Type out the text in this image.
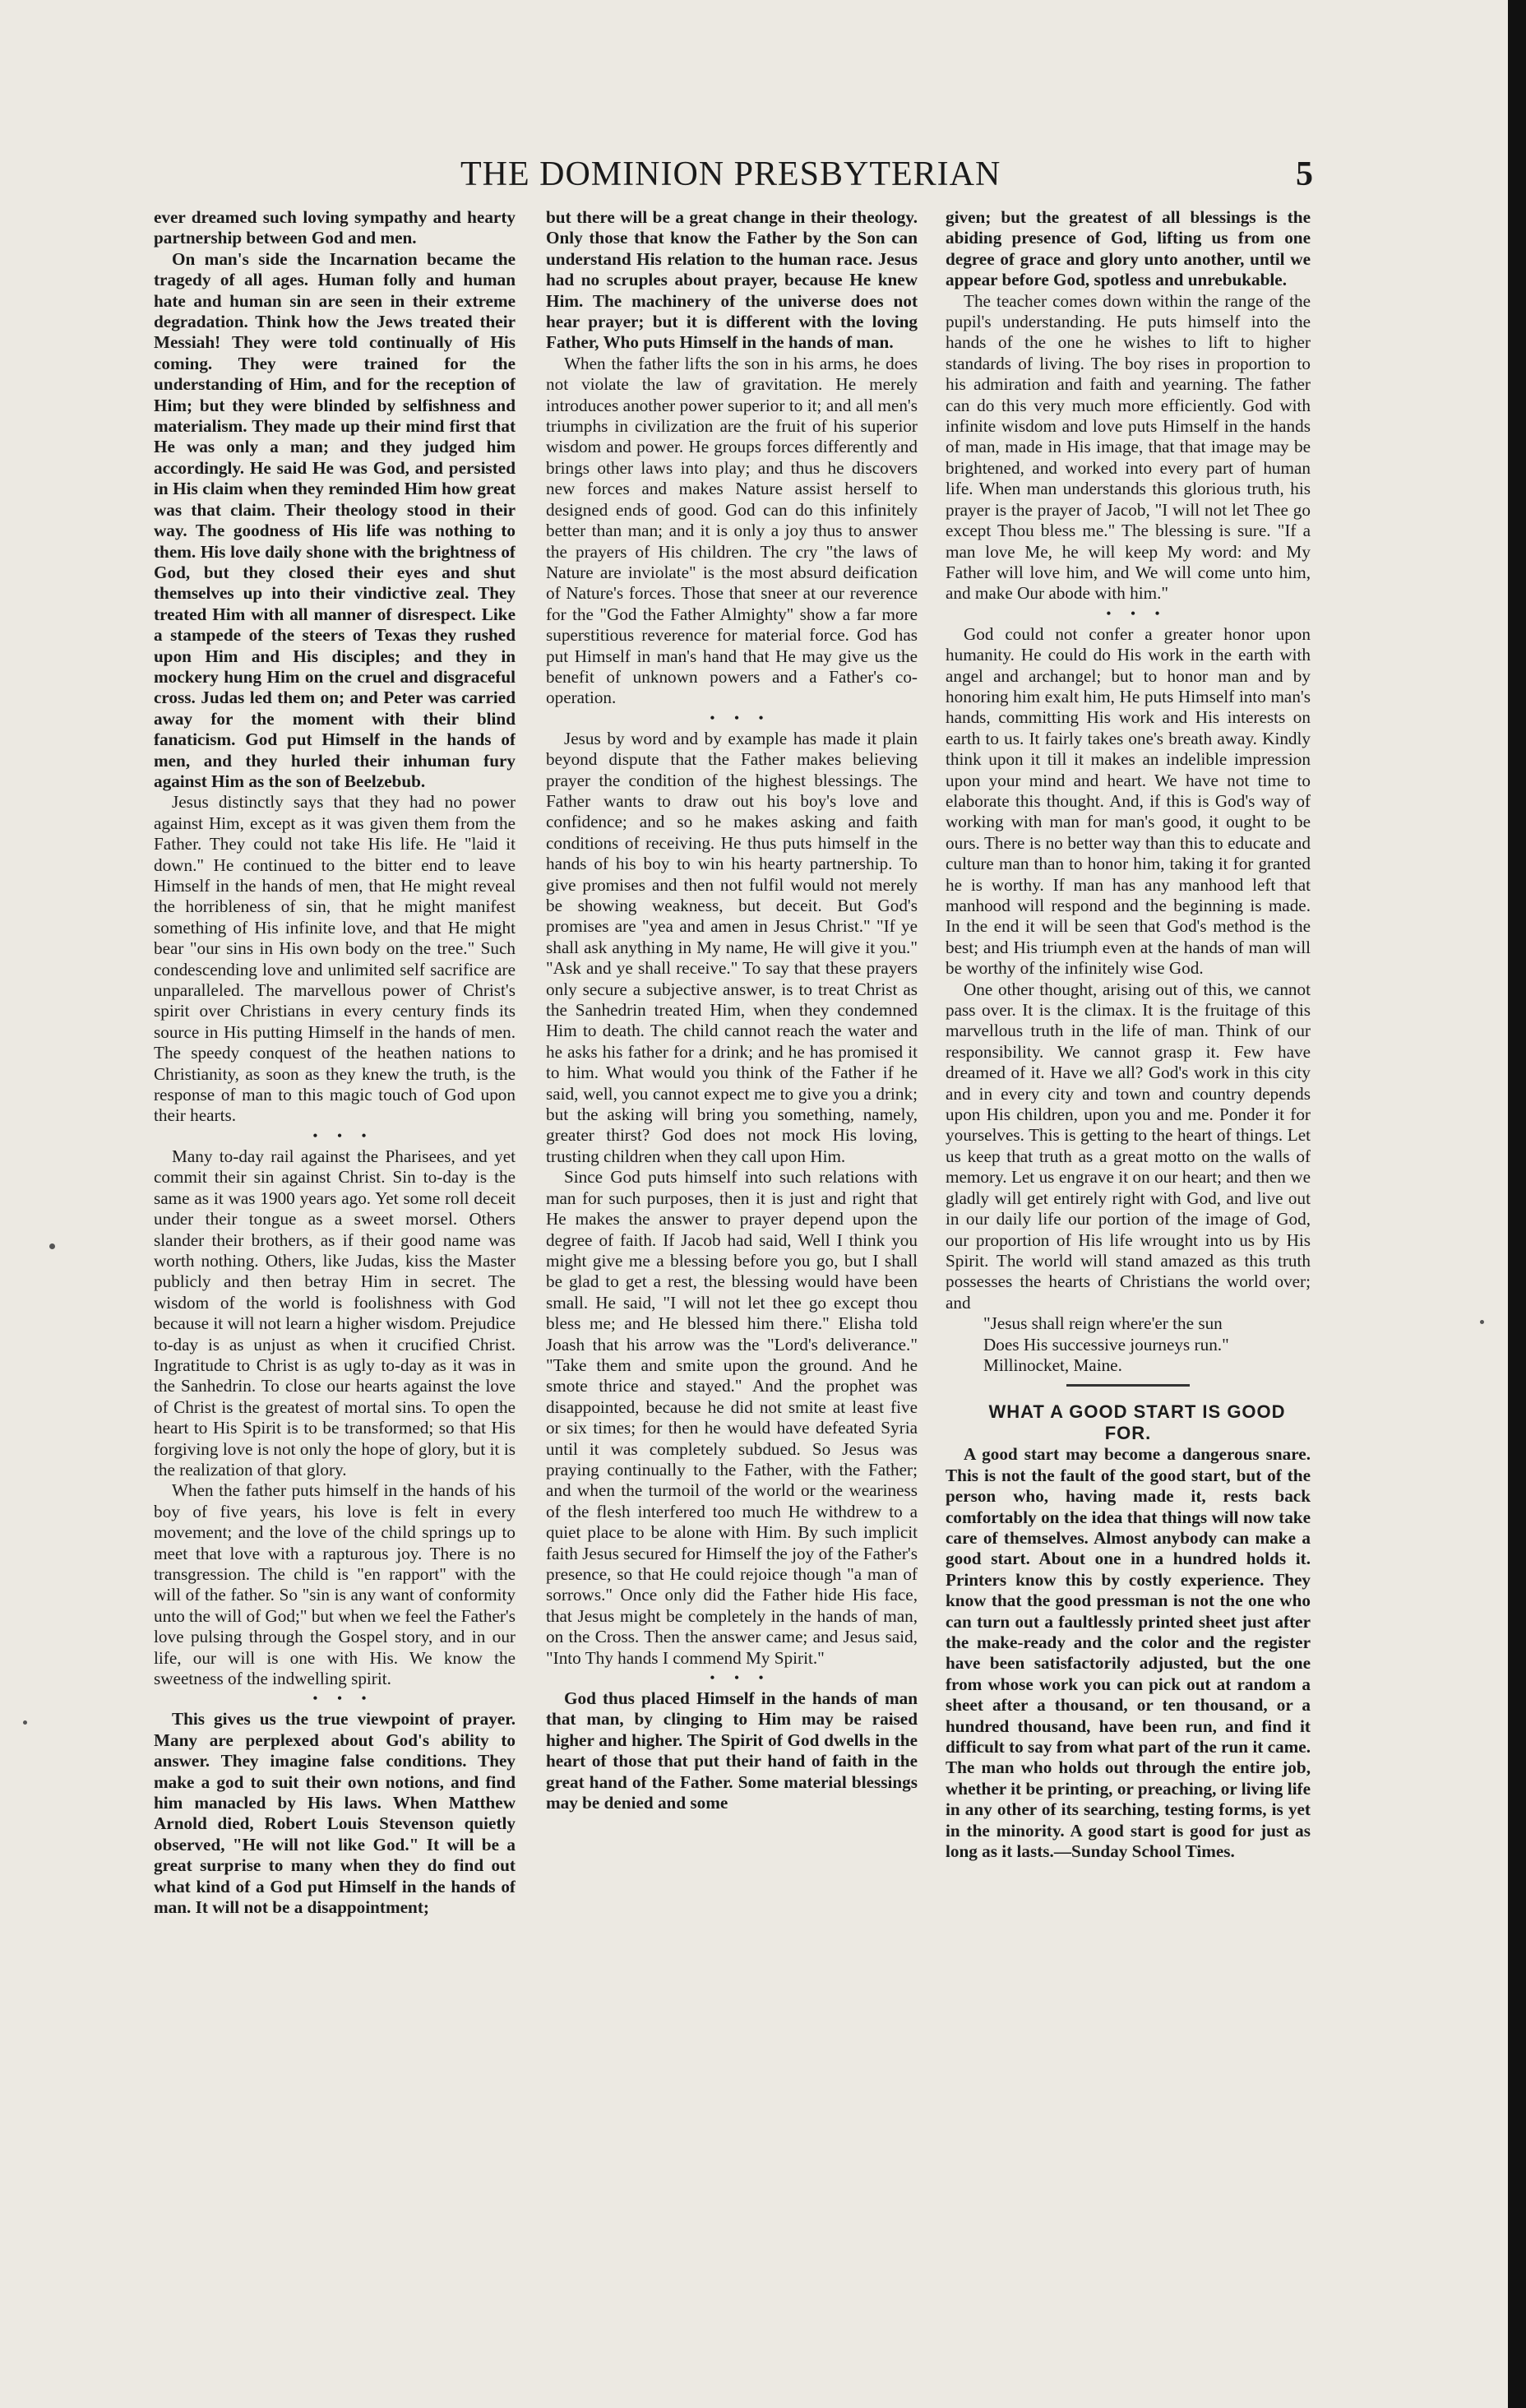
THE DOMINION PRESBYTERIAN	5

ever dreamed such loving sympathy and hearty partnership between God and men.

On man's side the Incarnation became the tragedy of all ages. Human folly and human hate and human sin are seen in their extreme degradation. Think how the Jews treated their Messiah! They were told continually of His coming. They were trained for the understanding of Him, and for the reception of Him; but they were blinded by selfishness and materialism. They made up their mind first that He was only a man; and they judged him accordingly. He said He was God, and persisted in His claim when they reminded Him how great was that claim. Their theology stood in their way. The goodness of His life was nothing to them. His love daily shone with the brightness of God, but they closed their eyes and shut themselves up into their vindictive zeal. They treated Him with all manner of disrespect. Like a stampede of the steers of Texas they rushed upon Him and His disciples; and they in mockery hung Him on the cruel and disgraceful cross. Judas led them on; and Peter was carried away for the moment with their blind fanaticism. God put Himself in the hands of men, and they hurled their inhuman fury against Him as the son of Beelzebub.

Jesus distinctly says that they had no power against Him, except as it was given them from the Father. They could not take His life. He "laid it down." He continued to the bitter end to leave Himself in the hands of men, that He might reveal the horribleness of sin, that he might manifest something of His infinite love, and that He might bear "our sins in His own body on the tree." Such condescending love and unlimited self sacrifice are unparalleled. The marvellous power of Christ's spirit over Christians in every century finds its source in His putting Himself in the hands of men. The speedy conquest of the heathen nations to Christianity, as soon as they knew the truth, is the response of man to this magic touch of God upon their hearts.

• • •

Many to-day rail against the Pharisees, and yet commit their sin against Christ. Sin to-day is the same as it was 1900 years ago. Yet some roll deceit under their tongue as a sweet morsel. Others slander their brothers, as if their good name was worth nothing. Others, like Judas, kiss the Master publicly and then betray Him in secret. The wisdom of the world is foolishness with God because it will not learn a higher wisdom. Prejudice to-day is as unjust as when it crucified Christ. Ingratitude to Christ is as ugly to-day as it was in the Sanhedrin. To close our hearts against the love of Christ is the greatest of mortal sins. To open the heart to His Spirit is to be transformed; so that His forgiving love is not only the hope of glory, but it is the realization of that glory.

When the father puts himself in the hands of his boy of five years, his love is felt in every movement; and the love of the child springs up to meet that love with a rapturous joy. There is no transgression. The child is "en rapport" with the will of the father. So "sin is any want of conformity unto the will of God;" but when we feel the Father's love pulsing through the Gospel story, and in our life, our will is one with His. We know the sweetness of the indwelling spirit.

• • •

This gives us the true viewpoint of prayer. Many are perplexed about God's ability to answer. They imagine false conditions. They make a god to suit their own notions, and find him manacled by His laws. When Matthew Arnold died, Robert Louis Stevenson quietly observed, "He will not like God." It will be a great surprise to many when they do find out what kind of a God put Himself in the hands of man. It will not be a disappointment;

but there will be a great change in their theology. Only those that know the Father by the Son can understand His relation to the human race. Jesus had no scruples about prayer, because He knew Him. The machinery of the universe does not hear prayer; but it is different with the loving Father, Who puts Himself in the hands of man.

When the father lifts the son in his arms, he does not violate the law of gravitation. He merely introduces another power superior to it; and all men's triumphs in civilization are the fruit of his superior wisdom and power. He groups forces differently and brings other laws into play; and thus he discovers new forces and makes Nature assist herself to designed ends of good. God can do this infinitely better than man; and it is only a joy thus to answer the prayers of His children. The cry "the laws of Nature are inviolate" is the most absurd deification of Nature's forces. Those that sneer at our reverence for the "God the Father Almighty" show a far more superstitious reverence for material force. God has put Himself in man's hand that He may give us the benefit of unknown powers and a Father's co-operation.

• • •

Jesus by word and by example has made it plain beyond dispute that the Father makes believing prayer the condition of the highest blessings. The Father wants to draw out his boy's love and confidence; and so he makes asking and faith conditions of receiving. He thus puts himself in the hands of his boy to win his hearty partnership. To give promises and then not fulfil would not merely be showing weakness, but deceit. But God's promises are "yea and amen in Jesus Christ." "If ye shall ask anything in My name, He will give it you." "Ask and ye shall receive." To say that these prayers only secure a subjective answer, is to treat Christ as the Sanhedrin treated Him, when they condemned Him to death. The child cannot reach the water and he asks his father for a drink; and he has promised it to him. What would you think of the Father if he said, well, you cannot expect me to give you a drink; but the asking will bring you something, namely, greater thirst? God does not mock His loving, trusting children when they call upon Him.

Since God puts himself into such relations with man for such purposes, then it is just and right that He makes the answer to prayer depend upon the degree of faith. If Jacob had said, Well I think you might give me a blessing before you go, but I shall be glad to get a rest, the blessing would have been small. He said, "I will not let thee go except thou bless me; and He blessed him there." Elisha told Joash that his arrow was the "Lord's deliverance." "Take them and smite upon the ground. And he smote thrice and stayed." And the prophet was disappointed, because he did not smite at least five or six times; for then he would have defeated Syria until it was completely subdued. So Jesus was praying continually to the Father, with the Father; and when the turmoil of the world or the weariness of the flesh interfered too much He withdrew to a quiet place to be alone with Him. By such implicit faith Jesus secured for Himself the joy of the Father's presence, so that He could rejoice though "a man of sorrows." Once only did the Father hide His face, that Jesus might be completely in the hands of man, on the Cross. Then the answer came; and Jesus said, "Into Thy hands I commend My Spirit."

• • •

God thus placed Himself in the hands of man that man, by clinging to Him may be raised higher and higher. The Spirit of God dwells in the heart of those that put their hand of faith in the great hand of the Father. Some material blessings may be denied and some

given; but the greatest of all blessings is the abiding presence of God, lifting us from one degree of grace and glory unto another, until we appear before God, spotless and unrebukable.

The teacher comes down within the range of the pupil's understanding. He puts himself into the hands of the one he wishes to lift to higher standards of living. The boy rises in proportion to his admiration and faith and yearning. The father can do this very much more efficiently. God with infinite wisdom and love puts Himself in the hands of man, made in His image, that that image may be brightened, and worked into every part of human life. When man understands this glorious truth, his prayer is the prayer of Jacob, "I will not let Thee go except Thou bless me." The blessing is sure. "If a man love Me, he will keep My word: and My Father will love him, and We will come unto him, and make Our abode with him."

• • •

God could not confer a greater honor upon humanity. He could do His work in the earth with angel and archangel; but to honor man and by honoring him exalt him, He puts Himself into man's hands, committing His work and His interests on earth to us. It fairly takes one's breath away. Kindly think upon it till it makes an indelible impression upon your mind and heart. We have not time to elaborate this thought. And, if this is God's way of working with man for man's good, it ought to be ours. There is no better way than this to educate and culture man than to honor him, taking it for granted he is worthy. If man has any manhood left that manhood will respond and the beginning is made. In the end it will be seen that God's method is the best; and His triumph even at the hands of man will be worthy of the infinitely wise God.

One other thought, arising out of this, we cannot pass over. It is the climax. It is the fruitage of this marvellous truth in the life of man. Think of our responsibility. We cannot grasp it. Few have dreamed of it. Have we all? God's work in this city and in every city and town and country depends upon His children, upon you and me. Ponder it for yourselves. This is getting to the heart of things. Let us keep that truth as a great motto on the walls of memory. Let us engrave it on our heart; and then we gladly will get entirely right with God, and live out in our daily life our portion of the image of God, our proportion of His life wrought into us by His Spirit. The world will stand amazed as this truth possesses the hearts of Christians the world over; and

"Jesus shall reign where'er the sun

Does His successive journeys run."

Millinocket, Maine.

WHAT A GOOD START IS GOOD FOR.

A good start may become a dangerous snare. This is not the fault of the good start, but of the person who, having made it, rests back comfortably on the idea that things will now take care of themselves. Almost anybody can make a good start. About one in a hundred holds it. Printers know this by costly experience. They know that the good pressman is not the one who can turn out a faultlessly printed sheet just after the make-ready and the color and the register have been satisfactorily adjusted, but the one from whose work you can pick out at random a sheet after a thousand, or ten thousand, or a hundred thousand, have been run, and find it difficult to say from what part of the run it came. The man who holds out through the entire job, whether it be printing, or preaching, or living life in any other of its searching, testing forms, is yet in the minority. A good start is good for just as long as it lasts.—Sunday School Times.
